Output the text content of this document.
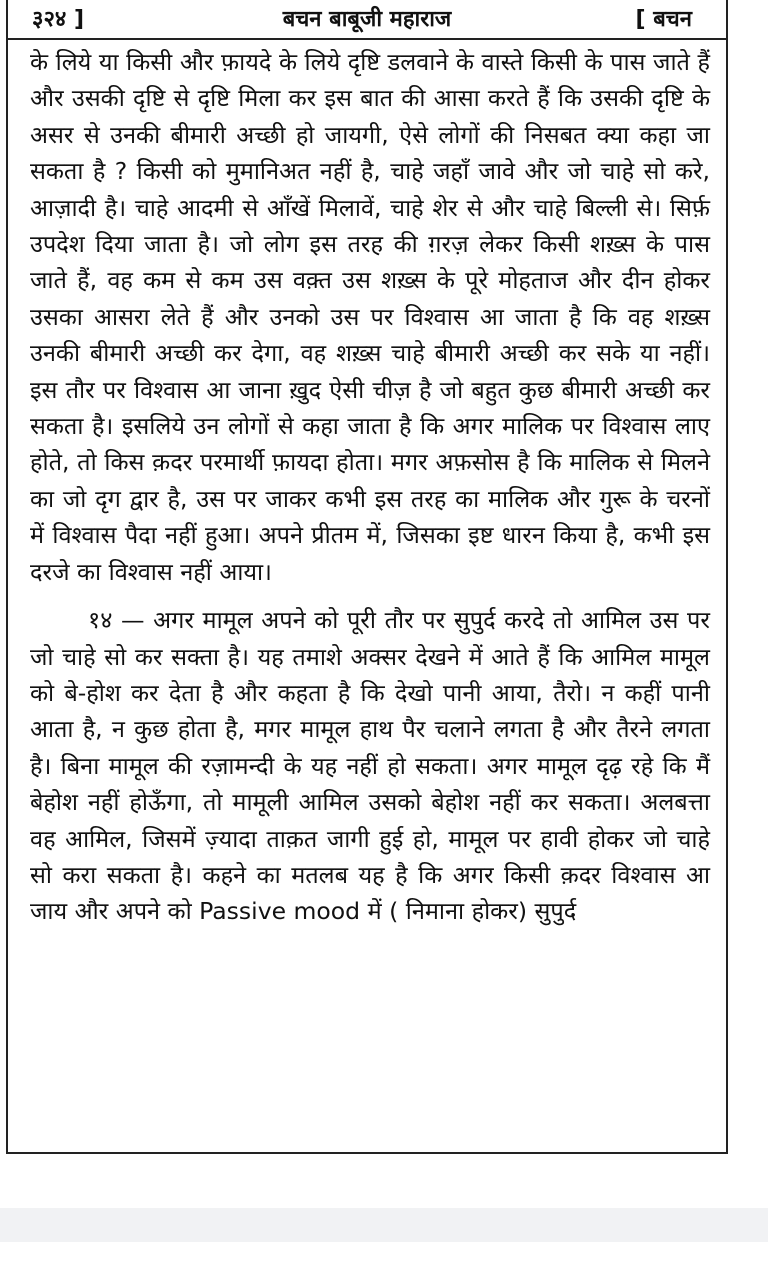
३२४ ]	बचन बाबूजी महाराज	[ बचन

के लिये या किसी और फ़ायदे के लिये दृष्टि डलवाने के वास्ते किसी के पास जाते हैं और उसकी दृष्टि से दृष्टि मिला कर इस बात की आसा करते हैं कि उसकी दृष्टि के असर से उनकी बीमारी अच्छी हो जायगी, ऐसे लोगों की निसबत क्या कहा जा सकता है ? किसी को मुमानिअत नहीं है, चाहे जहाँ जावे और जो चाहे सो करे, आज़ादी है। चाहे आदमी से आँखें मिलावें, चाहे शेर से और चाहे बिल्ली से। सिर्फ़ उपदेश दिया जाता है। जो लोग इस तरह की ग़रज़ लेकर किसी शख़्स के पास जाते हैं, वह कम से कम उस वक़्त उस शख़्स के पूरे मोहताज और दीन होकर उसका आसरा लेते हैं और उनको उस पर विश्वास आ जाता है कि वह शख़्स उनकी बीमारी अच्छी कर देगा, वह शख़्स चाहे बीमारी अच्छी कर सके या नहीं। इस तौर पर विश्वास आ जाना ख़ुद ऐसी चीज़ है जो बहुत कुछ बीमारी अच्छी कर सकता है। इसलिये उन लोगों से कहा जाता है कि अगर मालिक पर विश्वास लाए होते, तो किस क़दर परमार्थी फ़ायदा होता। मगर अफ़सोस है कि मालिक से मिलने का जो दृग द्वार है, उस पर जाकर कभी इस तरह का मालिक और गुरू के चरनों में विश्वास पैदा नहीं हुआ। अपने प्रीतम में, जिसका इष्ट धारन किया है, कभी इस दरजे का विश्वास नहीं आया।

१४ — अगर मामूल अपने को पूरी तौर पर सुपुर्द करदे तो आमिल उस पर जो चाहे सो कर सक्ता है। यह तमाशे अक्सर देखने में आते हैं कि आमिल मामूल को बे-होश कर देता है और कहता है कि देखो पानी आया, तैरो। न कहीं पानी आता है, न कुछ होता है, मगर मामूल हाथ पैर चलाने लगता है और तैरने लगता है। बिना मामूल की रज़ामन्दी के यह नहीं हो सकता। अगर मामूल दृढ़ रहे कि मैं बेहोश नहीं होऊँगा, तो मामूली आमिल उसको बेहोश नहीं कर सकता। अलबत्ता वह आमिल, जिसमें ज़्यादा ताक़त जागी हुई हो, मामूल पर हावी होकर जो चाहे सो करा सकता है। कहने का मतलब यह है कि अगर किसी क़दर विश्वास आ जाय और अपने को Passive mood में ( निमाना होकर) सुपुर्द
